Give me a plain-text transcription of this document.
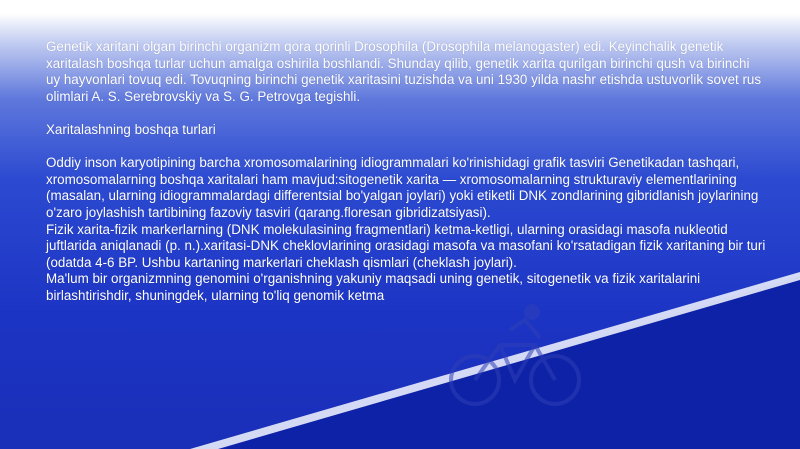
Genetik xaritani olgan birinchi organizm qora qorinli Drosophila (Drosophila melanogaster) edi. Keyinchalik genetik xaritalash boshqa turlar uchun amalga oshirila boshlandi. Shunday qilib, genetik xarita qurilgan birinchi qush va birinchi uy hayvonlari tovuq edi. Tovuqning birinchi genetik xaritasini tuzishda va uni 1930 yilda nashr etishda ustuvorlik sovet rus olimlari A. S. Serebrovskiy va S. G. Petrovga tegishli.

Xaritalashning boshqa turlari

Oddiy inson karyotipining barcha xromosomalarining idiogrammalari ko'rinishidagi grafik tasviri Genetikadan tashqari, xromosomalarning boshqa xaritalari ham mavjud:sitogenetik xarita — xromosomalarning strukturaviy elementlarining (masalan, ularning idiogrammalardagi differentsial bo'yalgan joylari) yoki etiketli DNK zondlarining gibridlanish joylarining o'zaro joylashish tartibining fazoviy tasviri (qarang.floresan gibridizatsiyasi).

Fizik xarita-fizik markerlarning (DNK molekulasining fragmentlari) ketma-ketligi, ularning orasidagi masofa nukleotid juftlarida aniqlanadi (p. n.).xaritasi-DNK cheklovlarining orasidagi masofa va masofani ko'rsatadigan fizik xaritaning bir turi (odatda 4-6 BP. Ushbu kartaning markerlari cheklash qismlari (cheklash joylari).

Ma'lum bir organizmning genomini o'rganishning yakuniy maqsadi uning genetik, sitogenetik va fizik xaritalarini birlashtirishdir, shuningdek, ularning to'liq genomik ketma
